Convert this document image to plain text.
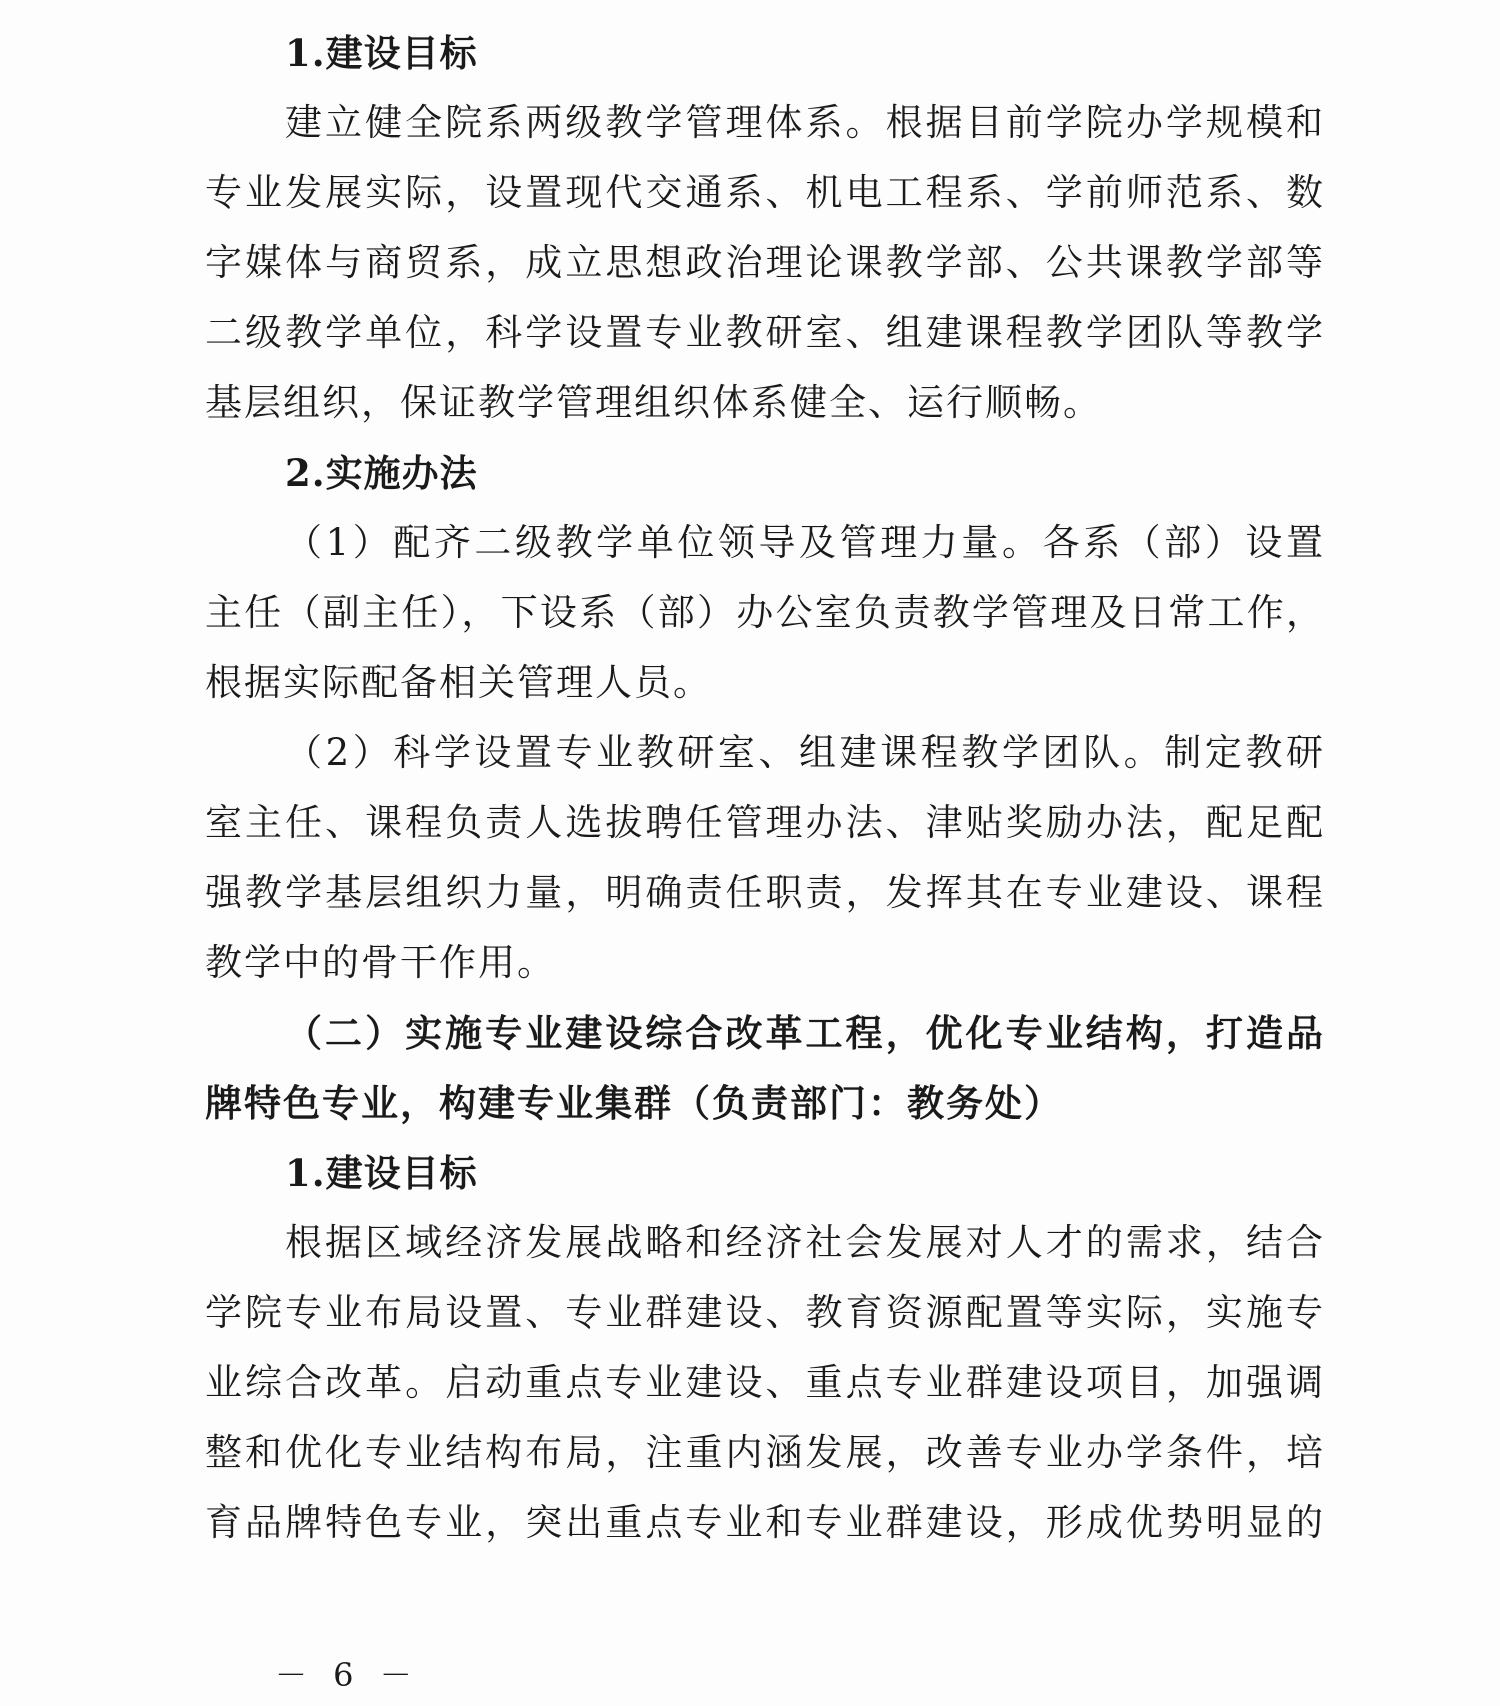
1.建设目标
建立健全院系两级教学管理体系。根据目前学院办学规模和
专业发展实际，设置现代交通系、机电工程系、学前师范系、数
字媒体与商贸系，成立思想政治理论课教学部、公共课教学部等
二级教学单位，科学设置专业教研室、组建课程教学团队等教学
基层组织，保证教学管理组织体系健全、运行顺畅。
2.实施办法
（1）配齐二级教学单位领导及管理力量。各系（部）设置
主任（副主任），下设系（部）办公室负责教学管理及日常工作，
根据实际配备相关管理人员。
（2）科学设置专业教研室、组建课程教学团队。制定教研
室主任、课程负责人选拔聘任管理办法、津贴奖励办法，配足配
强教学基层组织力量，明确责任职责，发挥其在专业建设、课程
教学中的骨干作用。
（二）实施专业建设综合改革工程，优化专业结构，打造品
牌特色专业，构建专业集群（负责部门：教务处）
1.建设目标
根据区域经济发展战略和经济社会发展对人才的需求，结合
学院专业布局设置、专业群建设、教育资源配置等实际，实施专
业综合改革。启动重点专业建设、重点专业群建设项目，加强调
整和优化专业结构布局，注重内涵发展，改善专业办学条件，培
育品牌特色专业，突出重点专业和专业群建设，形成优势明显的
－ 6 －
